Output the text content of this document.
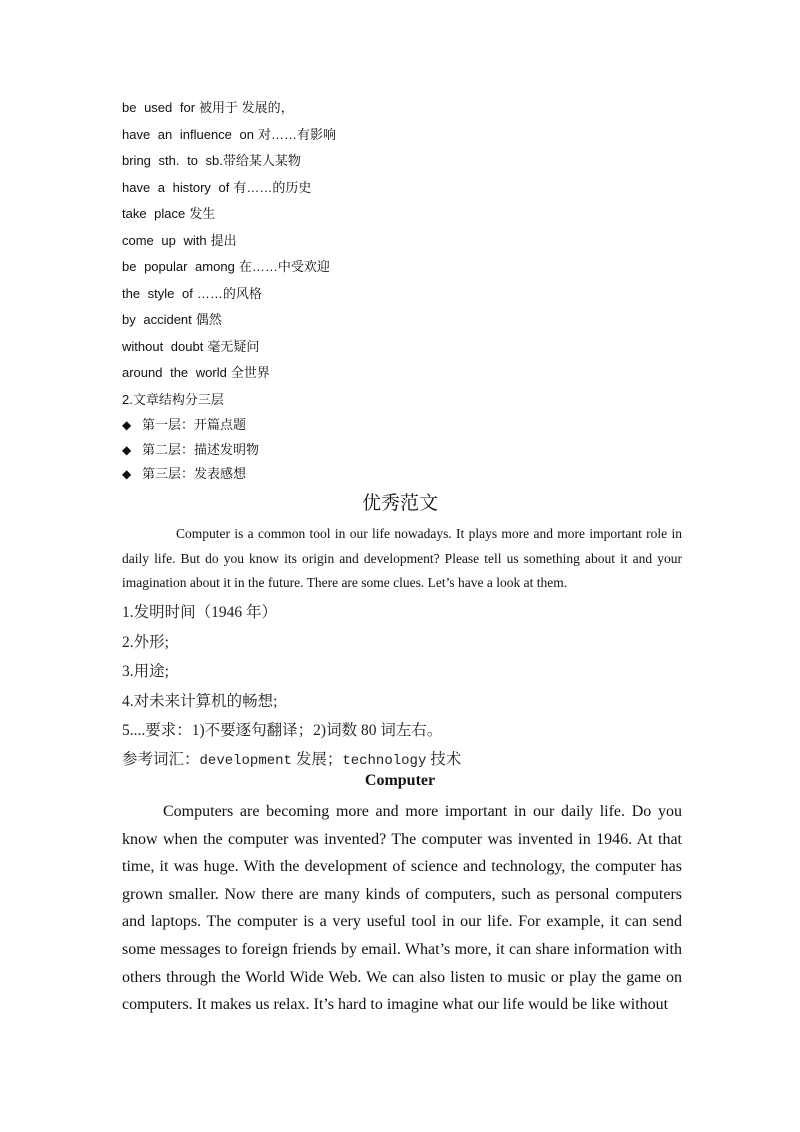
be used for 被用于 发展的，
have an influence on 对……有影响
bring sth. to sb.带给某人某物
have a history of 有……的历史
take place 发生
come up with 提出
be popular among 在……中受欢迎
the style of ……的风格
by accident 偶然
without doubt 毫无疑问
around the world 全世界
2.文章结构分三层
◆ 第一层：开篇点题
◆ 第二层：描述发明物
◆ 第三层：发表感想
优秀范文

Computer is a common tool in our life nowadays. It plays more and more important role in daily life. But do you know its origin and development? Please tell us something about it and your imagination about it in the future. There are some clues. Let’s have a look at them.

1.发明时间（1946 年）
2.外形;
3.用途;
4.对未来计算机的畅想;
5....要求：1)不要逐句翻译；2)词数 80 词左右。
参考词汇：development 发展；technology 技术
Computer

Computers are becoming more and more important in our daily life. Do you know when the computer was invented? The computer was invented in 1946. At that time, it was huge. With the development of science and technology, the computer has grown smaller. Now there are many kinds of computers, such as personal computers and laptops. The computer is a very useful tool in our life. For example, it can send some messages to foreign friends by email. What’s more, it can share information with others through the World Wide Web. We can also listen to music or play the game on computers. It makes us relax. It’s hard to imagine what our life would be like without
